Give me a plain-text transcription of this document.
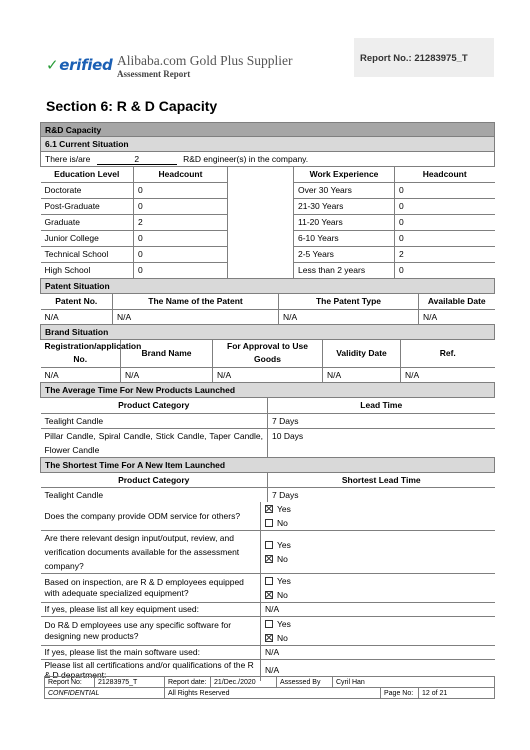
✓erified Alibaba.com Gold Plus Supplier
Assessment Report
Report No.: 21283975_T
Section 6: R & D Capacity
R&D Capacity
6.1 Current Situation
There is/are	2	R&D engineer(s) in the company.

Education Level	Headcount		Work Experience	Headcount
Doctorate	0	Over 30 Years	0
Post-Graduate	0	21-30 Years	0
Graduate	2	11-20 Years	0
Junior College	0	6-10 Years	0
Technical School	0	2-5 Years	2
High School	0	Less than 2 years	0

Patent Situation

Patent No.	The Name of the Patent	The Patent Type	Available Date
N/A	N/A	N/A	N/A

Brand Situation

Registration/application No.	Brand Name	For Approval to Use Goods	Validity Date	Ref.
N/A	N/A	N/A	N/A	N/A

The Average Time For New Products Launched

Product Category	Lead Time
Tealight Candle	7 Days
Pillar Candle, Spiral Candle, Stick Candle, Taper Candle, Flower Candle	10 Days

The Shortest Time For A New Item Launched

Product Category	Shortest Lead Time
Tealight Candle	7 Days

Does the company provide ODM service for others?	
Yes
No

Are there relevant design input/output, review, and verification documents available for the assessment company?	
Yes
No

Based on inspection, are R & D employees equipped with adequate specialized equipment?	
Yes
No

If yes, please list all key equipment used:	N/A
Do R& D employees use any specific software for designing new products?	
Yes
No

If yes, please list the main software used:	N/A
Please list all certifications and/or qualifications of the R & D department:	N/A
Report No:	21283975_T	Report date:	21/Dec./2020	Assessed By	Cyril Han		
CONFIDENTIAL		All Rights Reserved				Page No:	12 of 21
